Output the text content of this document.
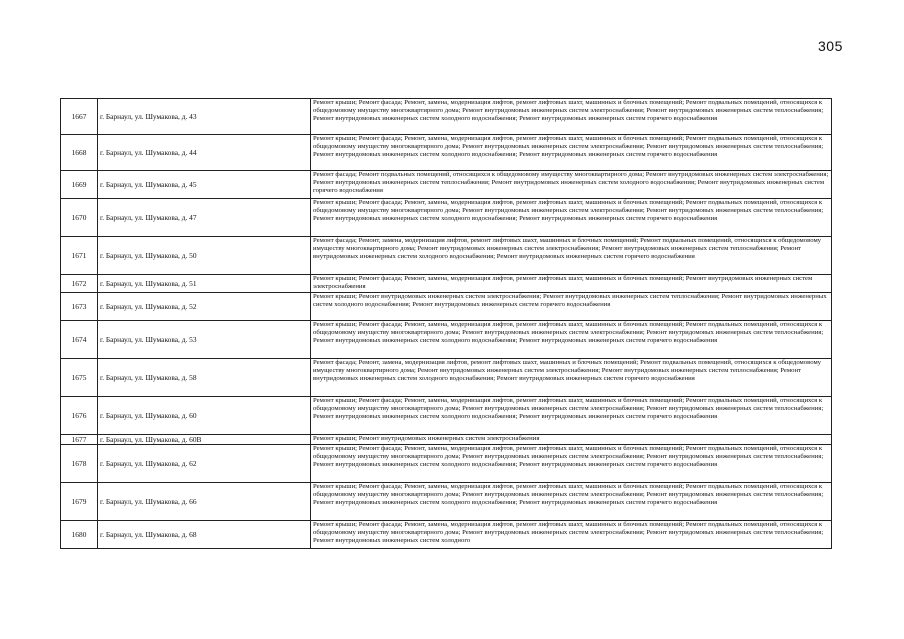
305
1667	г. Барнаул, ул. Шумакова, д. 43	Ремонт крыши; Ремонт фасада; Ремонт, замена, модернизация лифтов, ремонт лифтовых шахт, машинных и блочных помещений; Ремонт подвальных помещений, относящихся к общедомовому имуществу многоквартирного дома; Ремонт внутридомовых инженерных систем электроснабжения; Ремонт внутридомовых инженерных систем теплоснабжения; Ремонт внутридомовых инженерных систем холодного водоснабжения; Ремонт внутридомовых инженерных систем горячего водоснабжения

1668	г. Барнаул, ул. Шумакова, д. 44	Ремонт крыши; Ремонт фасада; Ремонт, замена, модернизация лифтов, ремонт лифтовых шахт, машинных и блочных помещений; Ремонт подвальных помещений, относящихся к общедомовому имуществу многоквартирного дома; Ремонт внутридомовых инженерных систем электроснабжения; Ремонт внутридомовых инженерных систем теплоснабжения; Ремонт внутридомовых инженерных систем холодного водоснабжения; Ремонт внутридомовых инженерных систем горячего водоснабжения

1669	г. Барнаул, ул. Шумакова, д. 45	Ремонт фасада; Ремонт подвальных помещений, относящихся к общедомовому имуществу многоквартирного дома; Ремонт внутридомовых инженерных систем электроснабжения; Ремонт внутридомовых инженерных систем теплоснабжения; Ремонт внутридомовых инженерных систем холодного водоснабжения; Ремонт внутридомовых инженерных систем горячего водоснабжения

1670	г. Барнаул, ул. Шумакова, д. 47	Ремонт крыши; Ремонт фасада; Ремонт, замена, модернизация лифтов, ремонт лифтовых шахт, машинных и блочных помещений; Ремонт подвальных помещений, относящихся к общедомовому имуществу многоквартирного дома; Ремонт внутридомовых инженерных систем электроснабжения; Ремонт внутридомовых инженерных систем теплоснабжения; Ремонт внутридомовых инженерных систем холодного водоснабжения; Ремонт внутридомовых инженерных систем горячего водоснабжения

1671	г. Барнаул, ул. Шумакова, д. 50	Ремонт фасада; Ремонт, замена, модернизация лифтов, ремонт лифтовых шахт, машинных и блочных помещений; Ремонт подвальных помещений, относящихся к общедомовому имуществу многоквартирного дома; Ремонт внутридомовых инженерных систем электроснабжения; Ремонт внутридомовых инженерных систем теплоснабжения; Ремонт внутридомовых инженерных систем холодного водоснабжения; Ремонт внутридомовых инженерных систем горячего водоснабжения

1672	г. Барнаул, ул. Шумакова, д. 51	Ремонт крыши; Ремонт фасада; Ремонт, замена, модернизация лифтов, ремонт лифтовых шахт, машинных и блочных помещений; Ремонт внутридомовых инженерных систем электроснабжения

1673	г. Барнаул, ул. Шумакова, д. 52	Ремонт крыши; Ремонт внутридомовых инженерных систем электроснабжения; Ремонт внутридомовых инженерных систем теплоснабжения; Ремонт внутридомовых инженерных систем холодного водоснабжения; Ремонт внутридомовых инженерных систем горячего водоснабжения

1674	г. Барнаул, ул. Шумакова, д. 53	Ремонт крыши; Ремонт фасада; Ремонт, замена, модернизация лифтов, ремонт лифтовых шахт, машинных и блочных помещений; Ремонт подвальных помещений, относящихся к общедомовому имуществу многоквартирного дома; Ремонт внутридомовых инженерных систем электроснабжения; Ремонт внутридомовых инженерных систем теплоснабжения; Ремонт внутридомовых инженерных систем холодного водоснабжения; Ремонт внутридомовых инженерных систем горячего водоснабжения

1675	г. Барнаул, ул. Шумакова, д. 58	Ремонт фасада; Ремонт, замена, модернизация лифтов, ремонт лифтовых шахт, машинных и блочных помещений; Ремонт подвальных помещений, относящихся к общедомовому имуществу многоквартирного дома; Ремонт внутридомовых инженерных систем электроснабжения; Ремонт внутридомовых инженерных систем теплоснабжения; Ремонт внутридомовых инженерных систем холодного водоснабжения; Ремонт внутридомовых инженерных систем горячего водоснабжения

1676	г. Барнаул, ул. Шумакова, д. 60	Ремонт крыши; Ремонт фасада; Ремонт, замена, модернизация лифтов, ремонт лифтовых шахт, машинных и блочных помещений; Ремонт подвальных помещений, относящихся к общедомовому имуществу многоквартирного дома; Ремонт внутридомовых инженерных систем электроснабжения; Ремонт внутридомовых инженерных систем теплоснабжения; Ремонт внутридомовых инженерных систем холодного водоснабжения; Ремонт внутридомовых инженерных систем горячего водоснабжения

1677	г. Барнаул, ул. Шумакова, д. 60В	Ремонт крыши; Ремонт внутридомовых инженерных систем электроснабжения

1678	г. Барнаул, ул. Шумакова, д. 62	Ремонт крыши; Ремонт фасада; Ремонт, замена, модернизация лифтов, ремонт лифтовых шахт, машинных и блочных помещений; Ремонт подвальных помещений, относящихся к общедомовому имуществу многоквартирного дома; Ремонт внутридомовых инженерных систем электроснабжения; Ремонт внутридомовых инженерных систем теплоснабжения; Ремонт внутридомовых инженерных систем холодного водоснабжения; Ремонт внутридомовых инженерных систем горячего водоснабжения

1679	г. Барнаул, ул. Шумакова, д. 66	Ремонт крыши; Ремонт фасада; Ремонт, замена, модернизация лифтов, ремонт лифтовых шахт, машинных и блочных помещений; Ремонт подвальных помещений, относящихся к общедомовому имуществу многоквартирного дома; Ремонт внутридомовых инженерных систем электроснабжения; Ремонт внутридомовых инженерных систем теплоснабжения; Ремонт внутридомовых инженерных систем холодного водоснабжения; Ремонт внутридомовых инженерных систем горячего водоснабжения

1680	г. Барнаул, ул. Шумакова, д. 68	Ремонт крыши; Ремонт фасада; Ремонт, замена, модернизация лифтов, ремонт лифтовых шахт, машинных и блочных помещений; Ремонт подвальных помещений, относящихся к общедомовому имуществу многоквартирного дома; Ремонт внутридомовых инженерных систем электроснабжения; Ремонт внутридомовых инженерных систем теплоснабжения; Ремонт внутридомовых инженерных систем холодного
